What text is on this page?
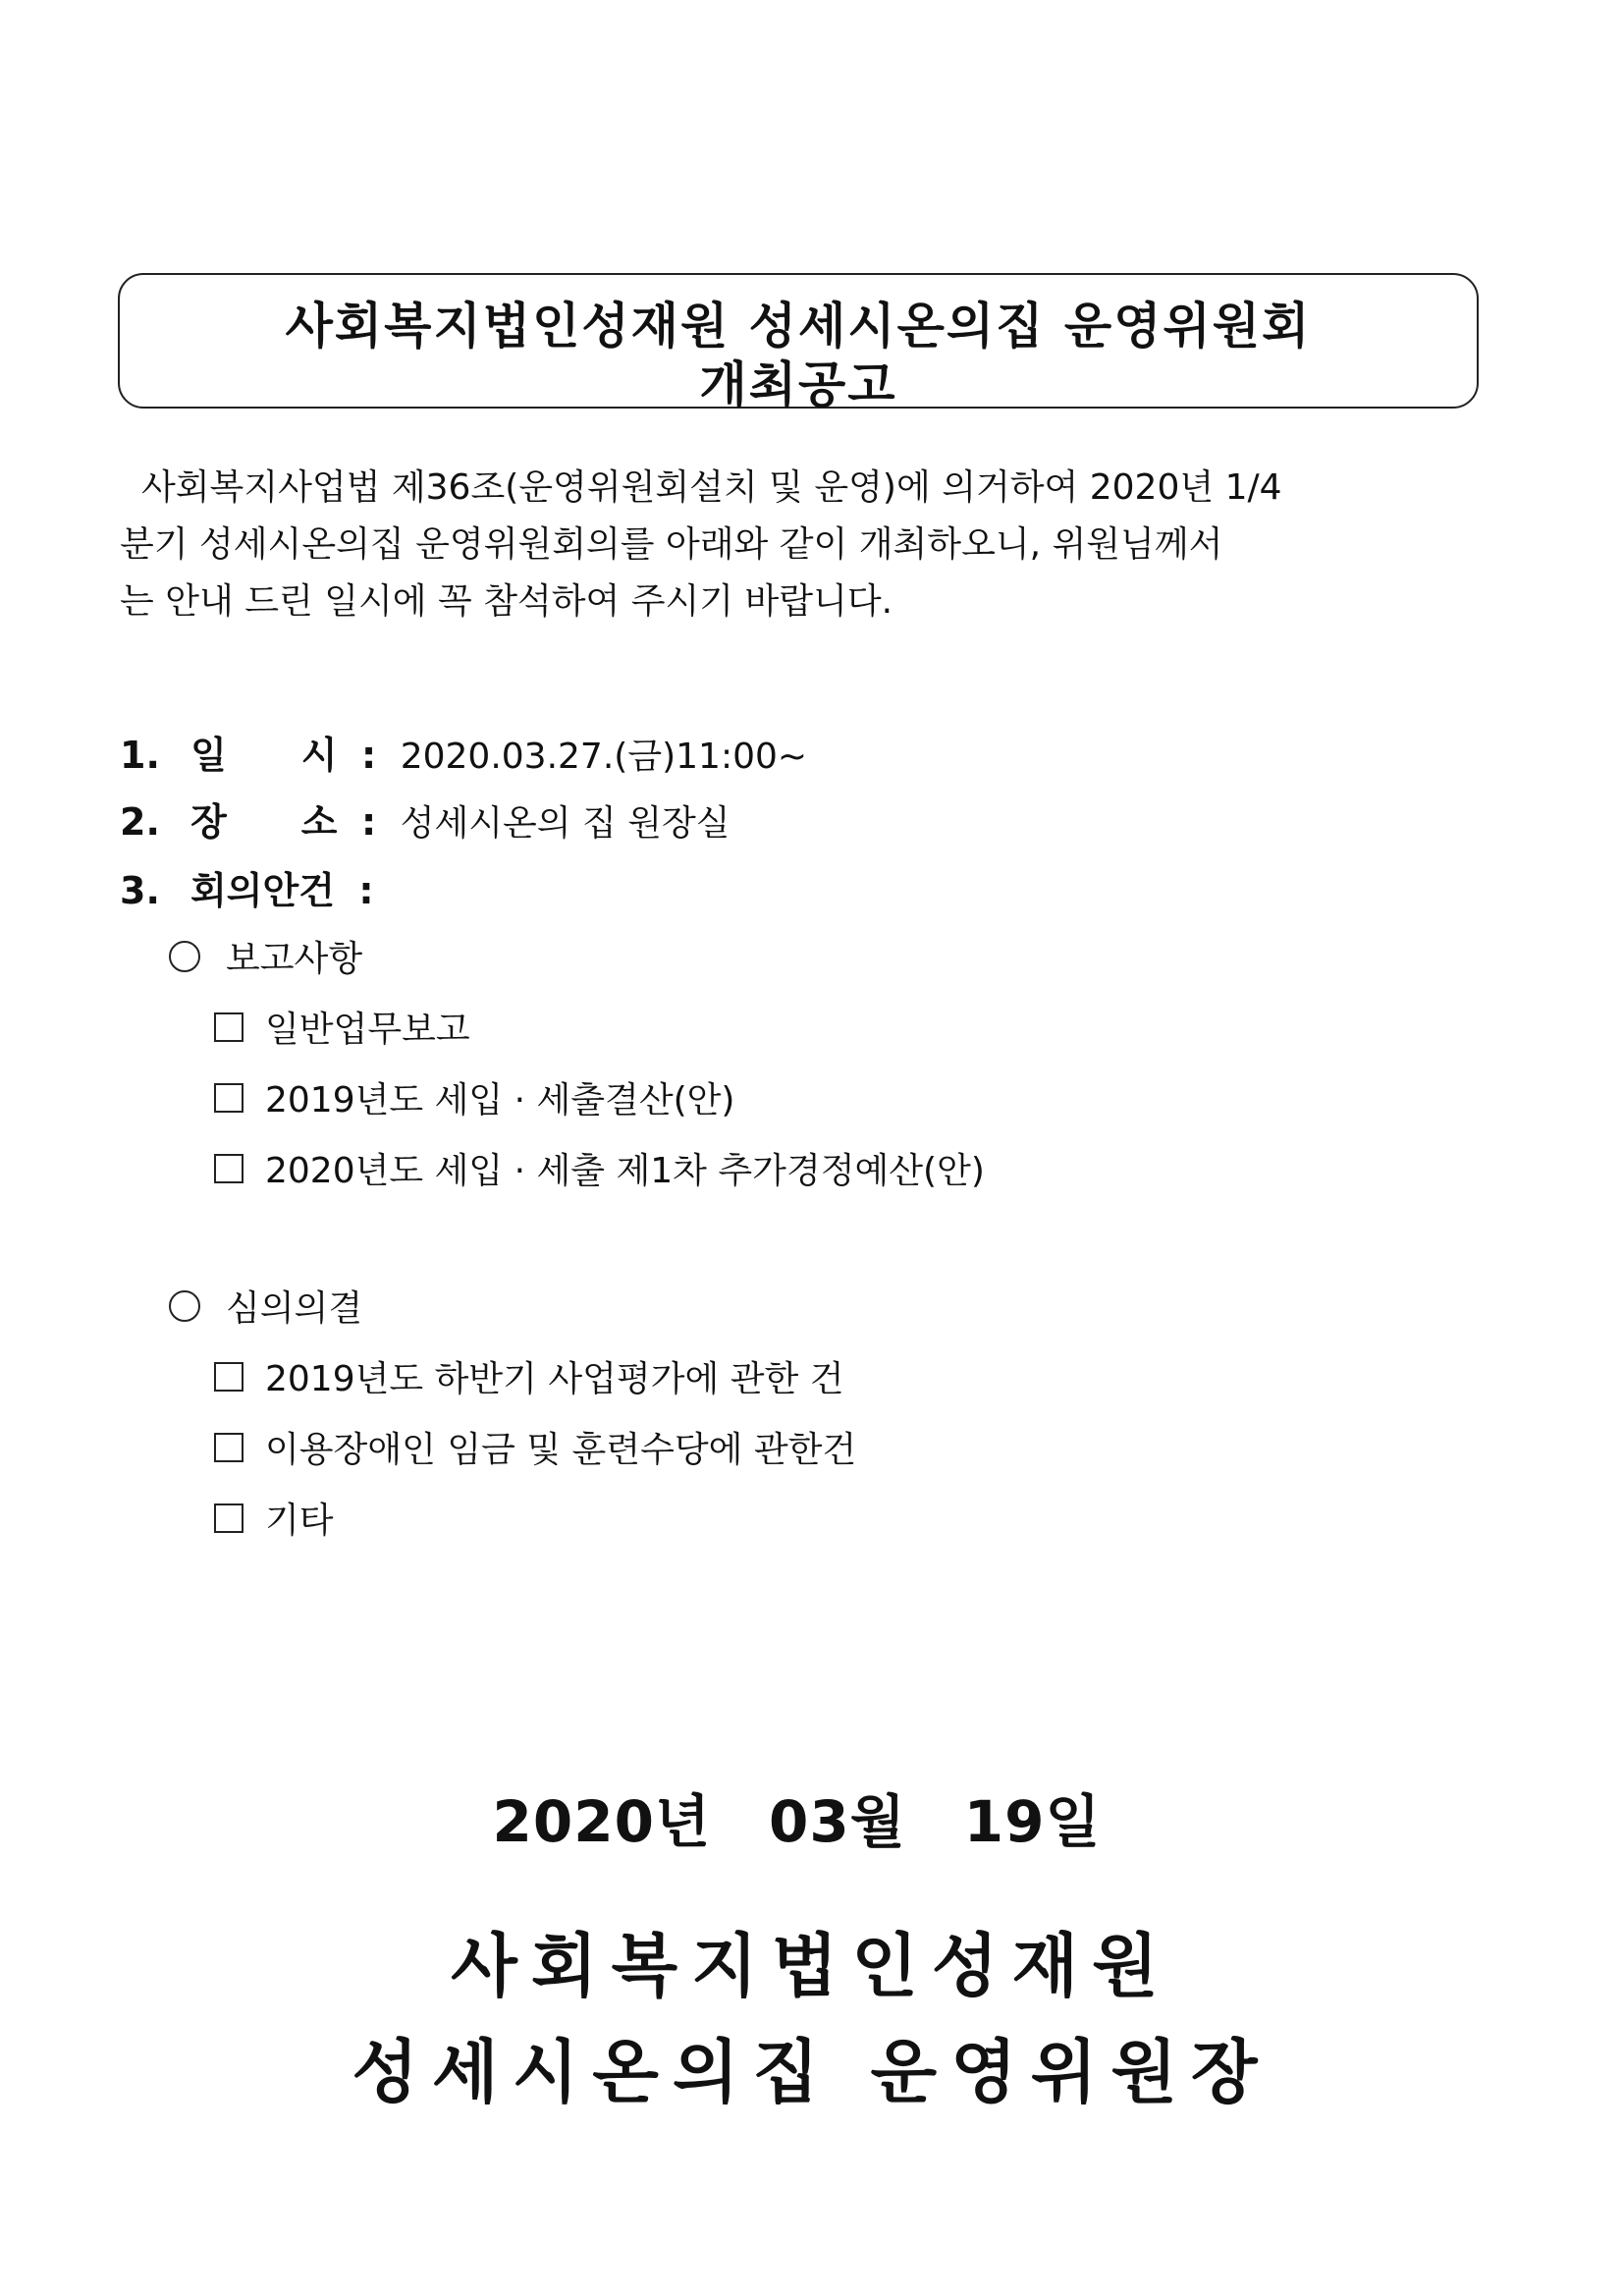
사회복지법인성재원 성세시온의집 운영위원회
개최공고
사회복지사업법 제36조(운영위원회설치 및 운영)에 의거하여 2020년 1/4
분기 성세시온의집 운영위원회의를 아래와 같이 개최하오니, 위원님께서
는 안내 드린 일시에 꼭 참석하여 주시기 바랍니다.
1. 일　　시 : 2020.03.27.(금)11:00~
2. 장　　소 : 성세시온의 집 원장실
3. 회의안건 :
보고사항
일반업무보고
2019년도 세입 · 세출결산(안)
2020년도 세입 · 세출 제1차 추가경정예산(안)
심의의결
2019년도 하반기 사업평가에 관한 건
이용장애인 임금 및 훈련수당에 관한건
기타
2020년　03월　19일
사회복지법인성재원
성세시온의집 운영위원장
